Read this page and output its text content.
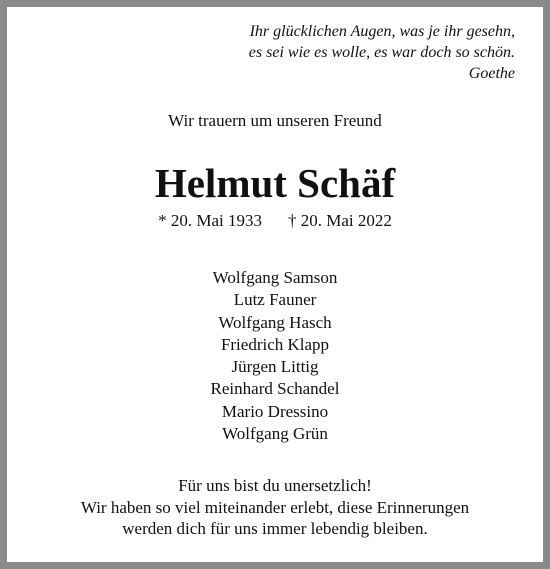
Ihr glücklichen Augen, was je ihr gesehn,
es sei wie es wolle, es war doch so schön.
Goethe
Wir trauern um unseren Freund
Helmut Schäf
* 20. Mai 1933 † 20. Mai 2022
Wolfgang Samson
Lutz Fauner
Wolfgang Hasch
Friedrich Klapp
Jürgen Littig
Reinhard Schandel
Mario Dressino
Wolfgang Grün
Für uns bist du unersetzlich!
Wir haben so viel miteinander erlebt, diese Erinnerungen
werden dich für uns immer lebendig bleiben.
